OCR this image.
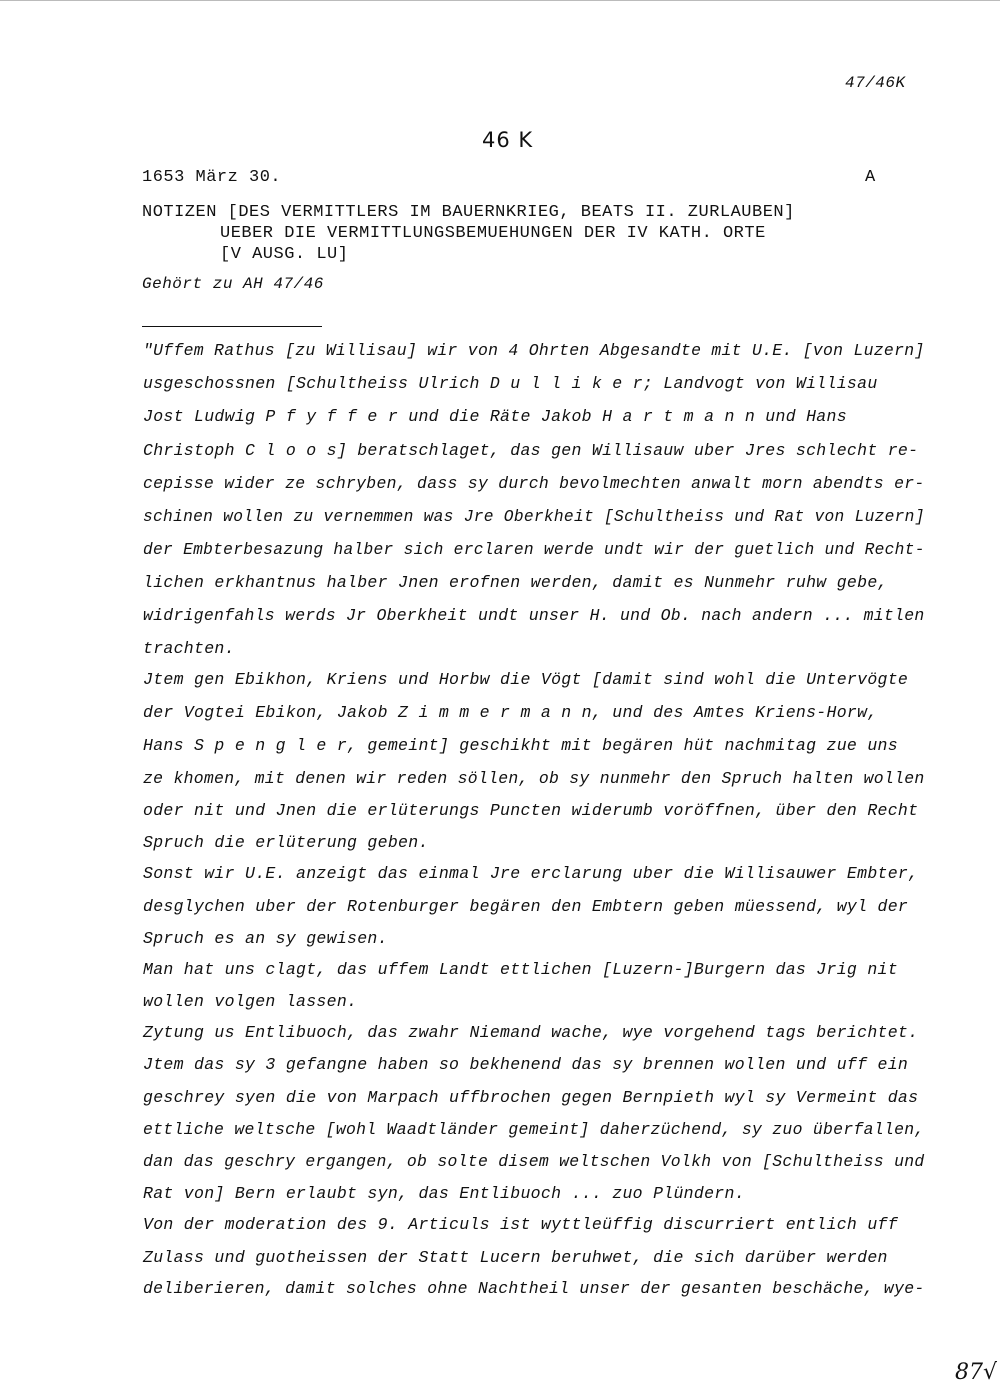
47/46K
46 K
1653 März 30.	A
NOTIZEN [DES VERMITTLERS IM BAUERNKRIEG, BEATS II. ZURLAUBEN]
UEBER DIE VERMITTLUNGSBEMUEHUNGEN DER IV KATH. ORTE
[V AUSG. LU]
Gehört zu AH 47/46
"Uffem Rathus [zu Willisau] wir von 4 Ohrten Abgesandte mit U.E. [von Luzern]
usgeschossnen [Schultheiss Ulrich D u l l i k e r; Landvogt von Willisau
Jost Ludwig P f y f f e r und die Räte Jakob H a r t m a n n und Hans
Christoph C l o o s] beratschlaget, das gen Willisauw uber Jres schlecht re-
cepisse wider ze schryben, dass sy durch bevolmechten anwalt morn abendts er-
schinen wollen zu vernemmen was Jre Oberkheit [Schultheiss und Rat von Luzern]
der Embterbesazung halber sich erclaren werde undt wir der guetlich und Recht-
lichen erkhantnus halber Jnen erofnen werden, damit es Nunmehr ruhw gebe,
widrigenfahls werds Jr Oberkheit undt unser H. und Ob. nach andern ... mitlen
trachten.
Jtem gen Ebikhon, Kriens und Horbw die Vögt [damit sind wohl die Untervögte
der Vogtei Ebikon, Jakob Z i m m e r m a n n, und des Amtes Kriens-Horw,
Hans S p e n g l e r, gemeint] geschikht mit begären hüt nachmitag zue uns
ze khomen, mit denen wir reden söllen, ob sy nunmehr den Spruch halten wollen
oder nit und Jnen die erlüterungs Puncten widerumb voröffnen, über den Recht
Spruch die erlüterung geben.
Sonst wir U.E. anzeigt das einmal Jre erclarung uber die Willisauwer Embter,
desglychen uber der Rotenburger begären den Embtern geben müessend, wyl der
Spruch es an sy gewisen.
Man hat uns clagt, das uffem Landt ettlichen [Luzern-]Burgern das Jrig nit
wollen volgen lassen.
Zytung us Entlibuoch, das zwahr Niemand wache, wye vorgehend tags berichtet.
Jtem das sy 3 gefangne haben so bekhenend das sy brennen wollen und uff ein
geschrey syen die von Marpach uffbrochen gegen Bernpieth wyl sy Vermeint das
ettliche weltsche [wohl Waadtländer gemeint] daherzüchend, sy zuo überfallen,
dan das geschry ergangen, ob solte disem weltschen Volkh von [Schultheiss und
Rat von] Bern erlaubt syn, das Entlibuoch ... zuo Plündern.
Von der moderation des 9. Articuls ist wyttleüffig discurriert entlich uff
Zulass und guotheissen der Statt Lucern beruhwet, die sich darüber werden
deliberieren, damit solches ohne Nachtheil unser der gesanten beschäche, wye-
87√
